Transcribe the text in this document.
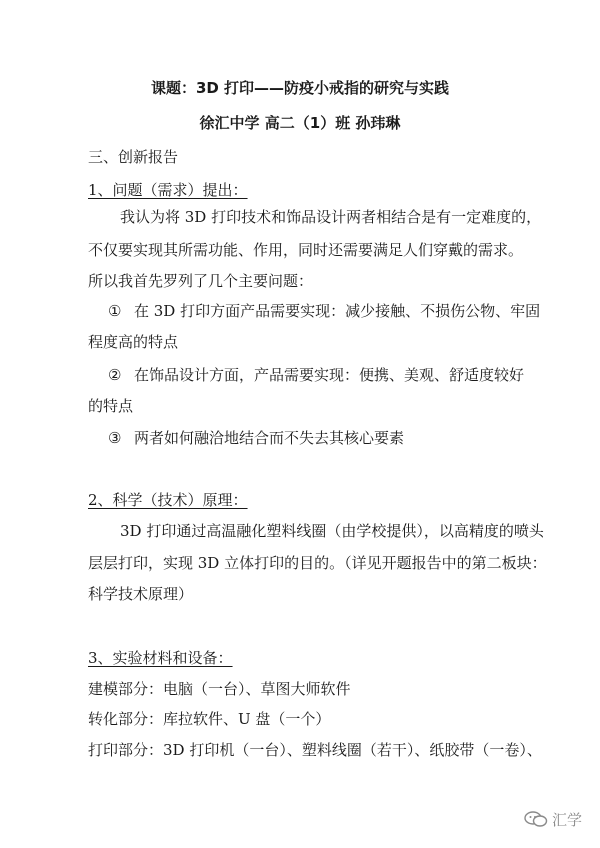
课题：3D 打印——防疫小戒指的研究与实践
徐汇中学 高二（1）班 孙玮琳
三、创新报告
1、问题（需求）提出：
我认为将 3D 打印技术和饰品设计两者相结合是有一定难度的，
不仅要实现其所需功能、作用，同时还需要满足人们穿戴的需求。
所以我首先罗列了几个主要问题：
① 在 3D 打印方面产品需要实现：减少接触、不损伤公物、牢固
程度高的特点
② 在饰品设计方面，产品需要实现：便携、美观、舒适度较好
的特点
③ 两者如何融洽地结合而不失去其核心要素
2、科学（技术）原理：
3D 打印通过高温融化塑料线圈（由学校提供），以高精度的喷头
层层打印，实现 3D 立体打印的目的。（详见开题报告中的第二板块：
科学技术原理）
3、实验材料和设备：
建模部分：电脑（一台）、草图大师软件
转化部分：库拉软件、U 盘（一个）
打印部分：3D 打印机（一台）、塑料线圈（若干）、纸胶带（一卷）、
汇学
